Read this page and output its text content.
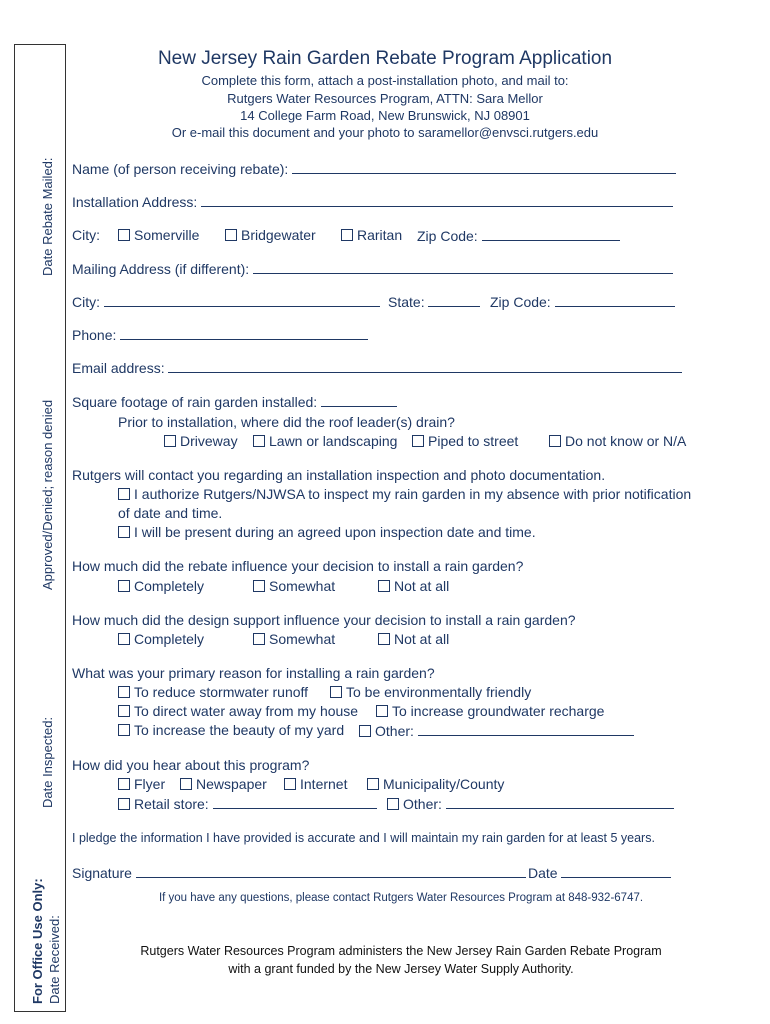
For Office Use Only: Date Received:
Date Inspected:
Approved/Denied; reason denied
Date Rebate Mailed:
New Jersey Rain Garden Rebate Program Application
Complete this form, attach a post-installation photo, and mail to:
Rutgers Water Resources Program, ATTN: Sara Mellor
14 College Farm Road, New Brunswick, NJ 08901
Or e-mail this document and your photo to saramellor@envsci.rutgers.edu
Name (of person receiving rebate):
Installation Address:
City:	Somerville	Bridgewater	Raritan Zip Code:
Mailing Address (if different):
City:	State:	Zip Code:
Phone:
Email address:
Square footage of rain garden installed:
Prior to installation, where did the roof leader(s) drain?
Driveway	Lawn or landscaping	Piped to street	Do not know or N/A
Rutgers will contact you regarding an installation inspection and photo documentation.
I authorize Rutgers/NJWSA to inspect my rain garden in my absence with prior notification
of date and time.
I will be present during an agreed upon inspection date and time.
How much did the rebate influence your decision to install a rain garden?
Completely	Somewhat	Not at all
How much did the design support influence your decision to install a rain garden?
Completely	Somewhat	Not at all
What was your primary reason for installing a rain garden?
To reduce stormwater runoff	To be environmentally friendly
To direct water away from my house	To increase groundwater recharge
To increase the beauty of my yard	Other:
How did you hear about this program?
Flyer	Newspaper	Internet	Municipality/County
Retail store:	Other:
I pledge the information I have provided is accurate and I will maintain my rain garden for at least 5 years.
Signature	Date
If you have any questions, please contact Rutgers Water Resources Program at 848-932-6747.
Rutgers Water Resources Program administers the New Jersey Rain Garden Rebate Program
with a grant funded by the New Jersey Water Supply Authority.
